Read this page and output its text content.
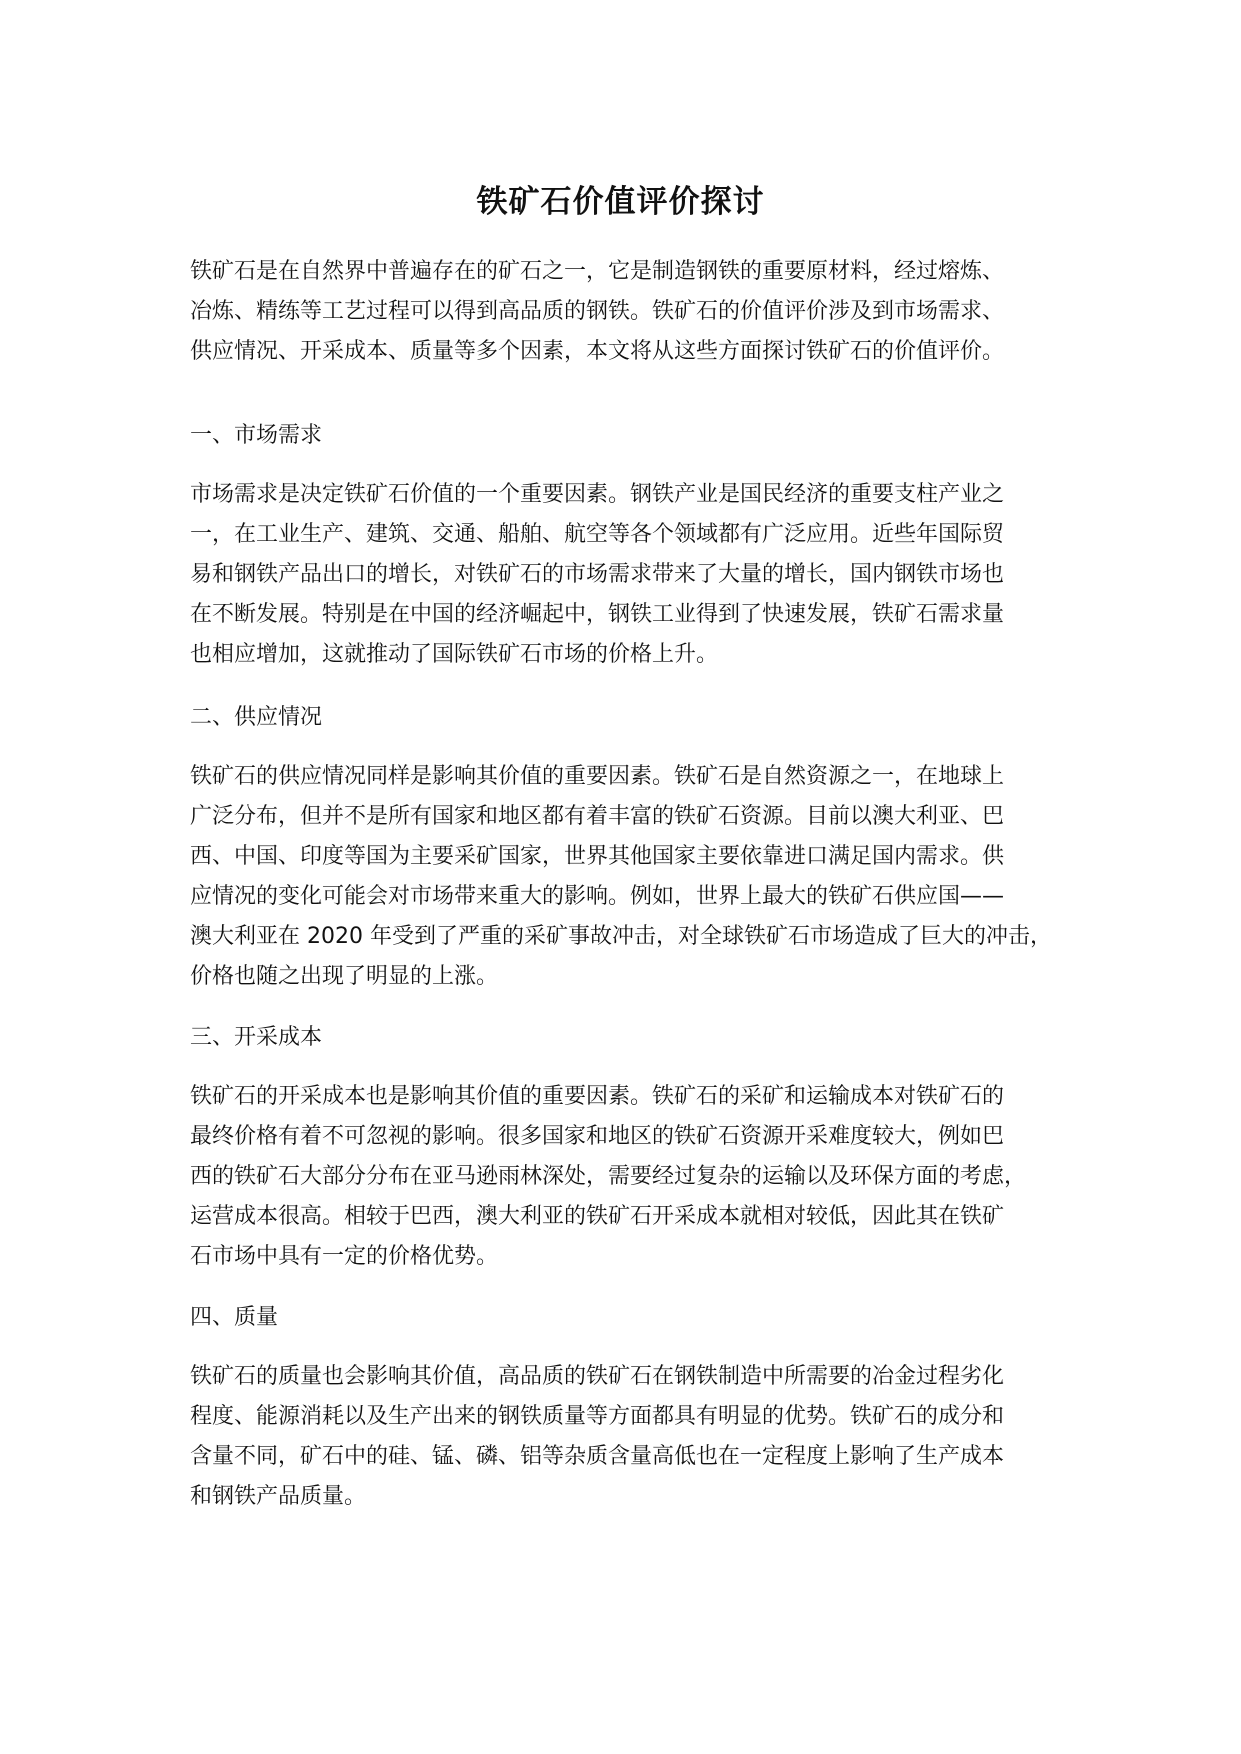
铁矿石价值评价探讨

铁矿石是在自然界中普遍存在的矿石之一，它是制造钢铁的重要原材料，经过熔炼、
冶炼、精练等工艺过程可以得到高品质的钢铁。铁矿石的价值评价涉及到市场需求、
供应情况、开采成本、质量等多个因素，本文将从这些方面探讨铁矿石的价值评价。

一、市场需求

市场需求是决定铁矿石价值的一个重要因素。钢铁产业是国民经济的重要支柱产业之
一，在工业生产、建筑、交通、船舶、航空等各个领域都有广泛应用。近些年国际贸
易和钢铁产品出口的增长，对铁矿石的市场需求带来了大量的增长，国内钢铁市场也
在不断发展。特别是在中国的经济崛起中，钢铁工业得到了快速发展，铁矿石需求量
也相应增加，这就推动了国际铁矿石市场的价格上升。

二、供应情况

铁矿石的供应情况同样是影响其价值的重要因素。铁矿石是自然资源之一，在地球上
广泛分布，但并不是所有国家和地区都有着丰富的铁矿石资源。目前以澳大利亚、巴
西、中国、印度等国为主要采矿国家，世界其他国家主要依靠进口满足国内需求。供
应情况的变化可能会对市场带来重大的影响。例如，世界上最大的铁矿石供应国——
澳大利亚在 2020 年受到了严重的采矿事故冲击，对全球铁矿石市场造成了巨大的冲击，
价格也随之出现了明显的上涨。

三、开采成本

铁矿石的开采成本也是影响其价值的重要因素。铁矿石的采矿和运输成本对铁矿石的
最终价格有着不可忽视的影响。很多国家和地区的铁矿石资源开采难度较大，例如巴
西的铁矿石大部分分布在亚马逊雨林深处，需要经过复杂的运输以及环保方面的考虑，
运营成本很高。相较于巴西，澳大利亚的铁矿石开采成本就相对较低，因此其在铁矿
石市场中具有一定的价格优势。

四、质量

铁矿石的质量也会影响其价值，高品质的铁矿石在钢铁制造中所需要的冶金过程劣化
程度、能源消耗以及生产出来的钢铁质量等方面都具有明显的优势。铁矿石的成分和
含量不同，矿石中的硅、锰、磷、铝等杂质含量高低也在一定程度上影响了生产成本
和钢铁产品质量。
